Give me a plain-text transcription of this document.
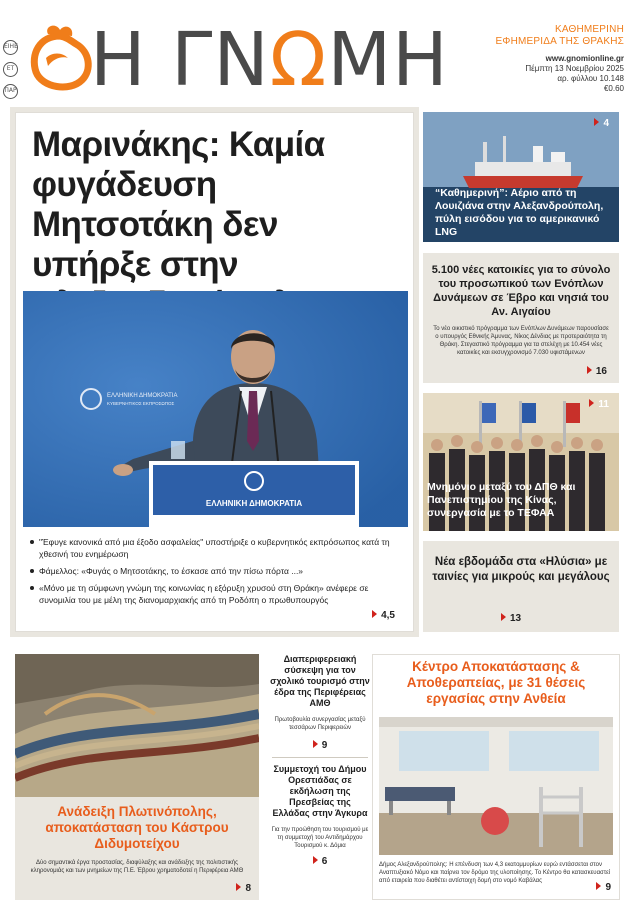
ΕΙΗΕ
ΕΤ
ΠΑΡ Η ΓΝΩΜΗ	ΚΑΘΗΜΕΡΙΝΗ
ΕΦΗΜΕΡΙΔΑ ΤΗΣ ΘΡΑΚΗΣ
www.gnomionline.gr
Πέμπτη 13 Νοεμβρίου 2025
αρ. φύλλου 10.148
€0.60
Μαρινάκης: Καμία φυγάδευση Μητσοτάκη δεν υπήρξε στην
ΕΛΛΗΝΙΚΗ ΔΗΜΟΚΡΑΤΙΑ
ΚΥΒΕΡΝΗΤΙΚΟΣ ΕΚΠΡΟΣΩΠΟΣ
ΕΛΛΗΝΙΚΗ ΔΗΜΟΚΡΑΤΙΑ
"Έφυγε κανονικά από μια έξοδο ασφαλείας" υποστήριξε ο κυβερνητικός εκπρόσωπος κατά τη χθεσινή του ενημέρωση
Φάμελλος: «Φυγάς ο Μητσοτάκης, το έσκασε από την πίσω πόρτα ...»
«Μόνο με τη σύμφωνη γνώμη της κοινωνίας η εξόρυξη χρυσού στη Θράκη» ανέφερε σε συνομιλία του με μέλη της διανομαρχιακής από τη Ροδόπη ο πρωθυπουργός
4,5
4
“Καθημερινή”: Αέριο από τη Λουιζιάνα στην Αλεξανδρούπολη, πύλη εισόδου για το αμερικανικό LNG
5.100 νέες κατοικίες για το σύνολο του προσωπικού των Ενόπλων Δυνάμεων σε Έβρο και νησιά του Αν. Αιγαίου
Το νέο οικιστικό πρόγραμμα των Ενόπλων Δυνάμεων παρουσίασε ο υπουργός Εθνικής Άμυνας, Νίκος Δένδιας με προτεραιότητα τη Θράκη. Στεγαστικό πρόγραμμα για τα στελέχη με 10.454 νέες κατοικίες και εκσυγχρονισμό 7.030 υφιστάμενων
16
11
Μνημόνιο μεταξύ του ΔΠΘ και Πανεπιστημίου της Κίνας, συνεργασία με το ΤΕΦΑΑ
Νέα εβδομάδα στα «Ηλύσια» με ταινίες για μικρούς και μεγάλους
13
Ανάδειξη Πλωτινόπολης, αποκατάσταση του Κάστρου Διδυμοτείχου
Δύο σημαντικά έργα προστασίας, διαφύλαξης και ανάδειξης της πολιτιστικής κληρονομιάς και των μνημείων της Π.Ε. Έβρου χρηματοδοτεί η Περιφέρεια ΑΜΘ
8
Διαπεριφερειακή σύσκεψη για τον σχολικό τουρισμό στην έδρα της Περιφέρειας ΑΜΘ
Πρωτοβουλία συνεργασίας μεταξύ τεσσάρων Περιφερειών
9
Συμμετοχή του Δήμου Ορεστιάδας σε εκδήλωση της Πρεσβείας της Ελλάδας στην Άγκυρα
Για την προώθηση του τουρισμού με τη συμμετοχή του Αντιδημάρχου Τουρισμού κ. Δόμια
6
Κέντρο Αποκατάστασης & Αποθεραπείας, με 31 θέσεις εργασίας στην Ανθεία
Δήμος Αλεξανδρούπολης: Η επένδυση των 4,3 εκατομμυρίων ευρώ εντάσσεται στον Αναπτυξιακό Νόμο και παίρνει τον δρόμο της υλοποίησης. Το Κέντρο θα κατασκευαστεί από εταιρεία που διαθέτει αντίστοιχη δομή στο νομό Καβάλας
9
